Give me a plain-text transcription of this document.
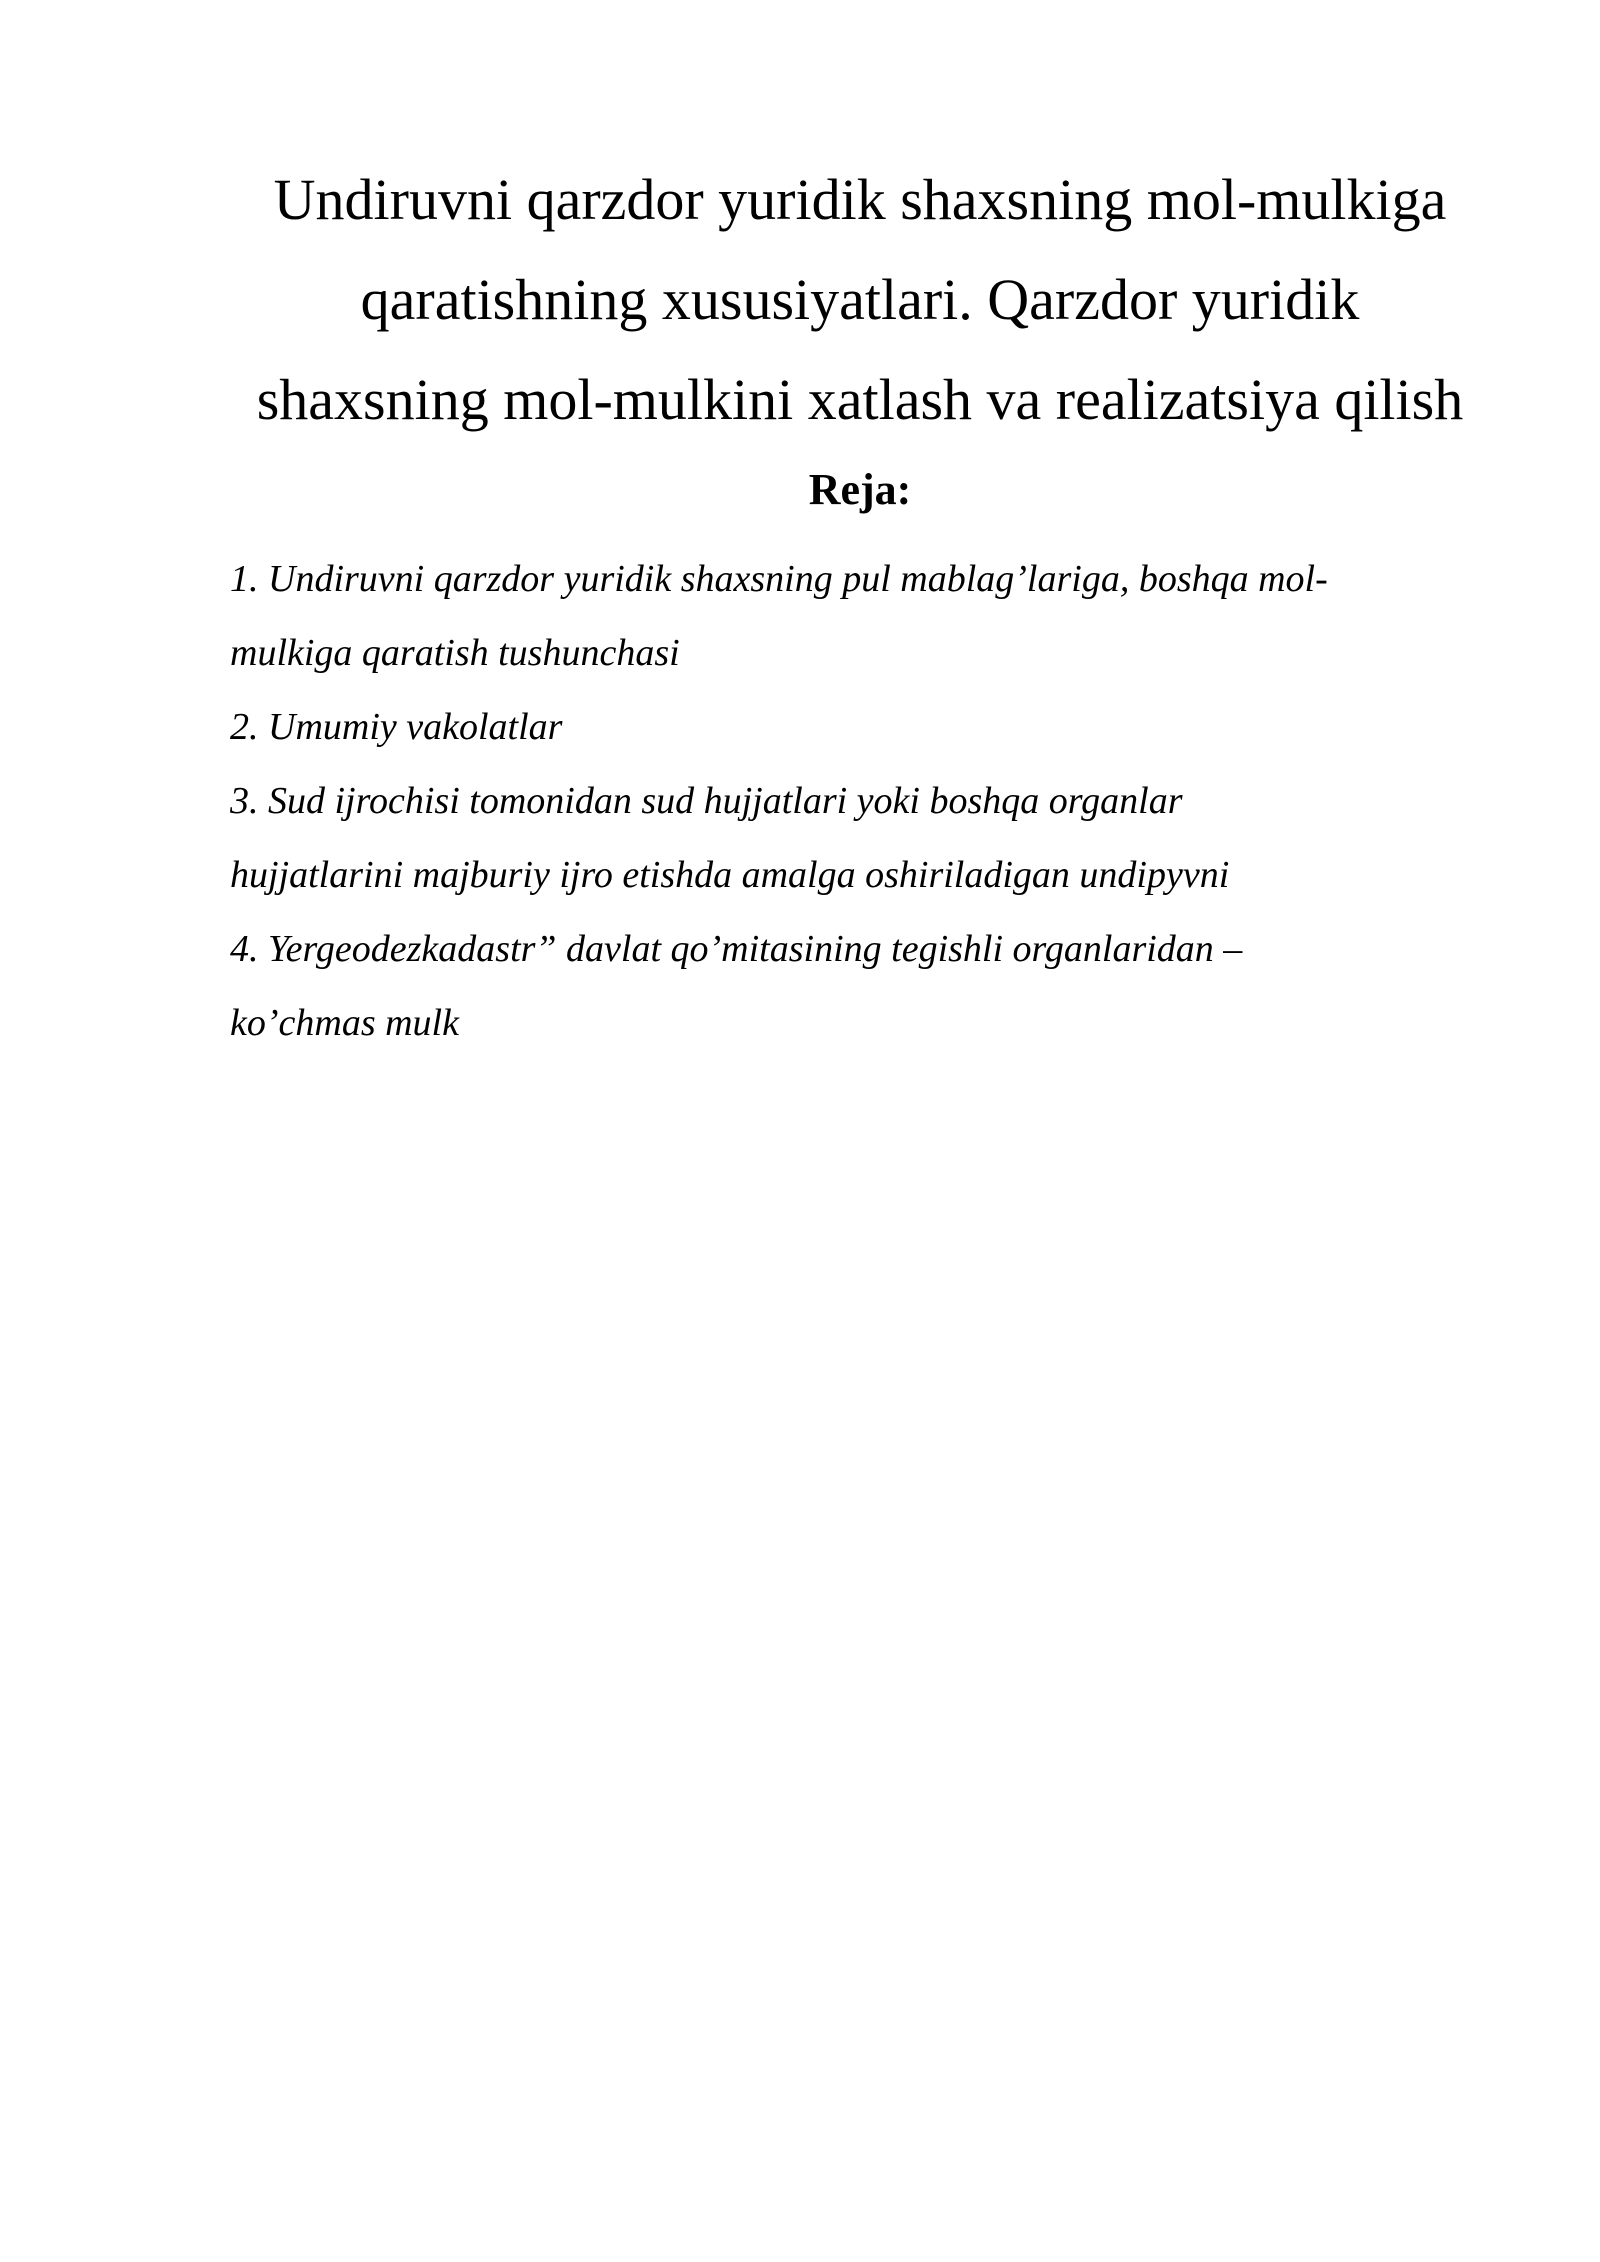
Undiruvni qarzdor yuridik shaxsning mol-mulkiga
qaratishning xususiyatlari. Qarzdor yuridik
shaxsning mol-mulkini xatlash va realizatsiya qilish
Reja:
1. Undiruvni qarzdor yuridik shaxsning pul mablag’lariga, boshqa mol-
mulkiga qaratish tushunchasi
2. Umumiy vakolatlar
3. Sud ijrochisi tomonidan sud hujjatlari yoki boshqa organlar
hujjatlarini majburiy ijro etishda amalga oshiriladigan undipyvni
4. Yergeodezkadastr” davlat qo’mitasining tegishli organlaridan –
ko’chmas mulk
